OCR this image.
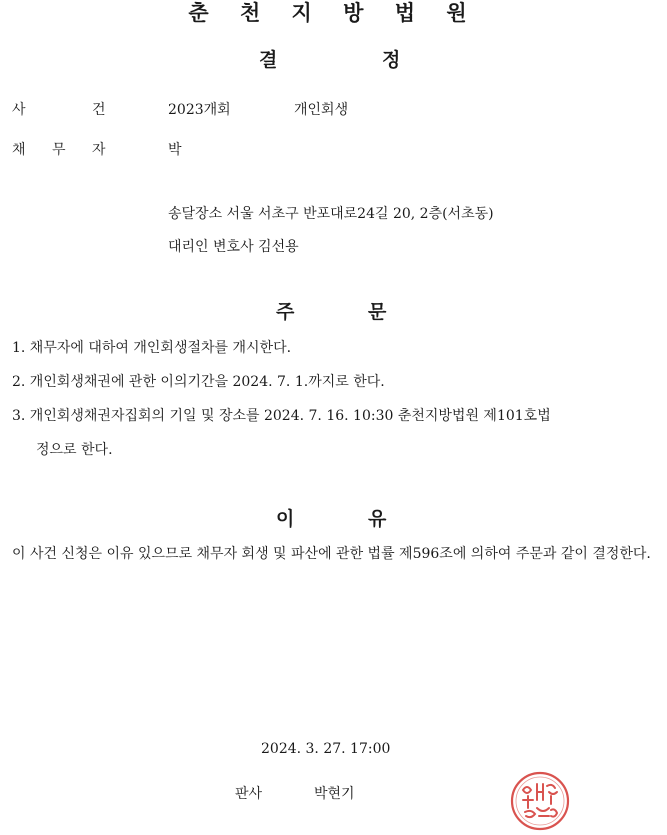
춘 천 지 방 법 원
결	정
사	건	2023개회	개인회생
채 무 자	박
송달장소 서울 서초구 반포대로24길 20, 2층(서초동)
대리인 변호사 김선용
주	문
1. 채무자에 대하여 개인회생절차를 개시한다.
2. 개인회생채권에 관한 이의기간을 2024. 7. 1.까지로 한다.
3. 개인회생채권자집회의 기일 및 장소를 2024. 7. 16. 10:30 춘천지방법원 제101호법
정으로 한다.
이	유
이 사건 신청은 이유 있으므로 채무자 회생 및 파산에 관한 법률 제596조에 의하여 주문과 같이 결정한다.
2024. 3. 27. 17:00
판사	박현기
